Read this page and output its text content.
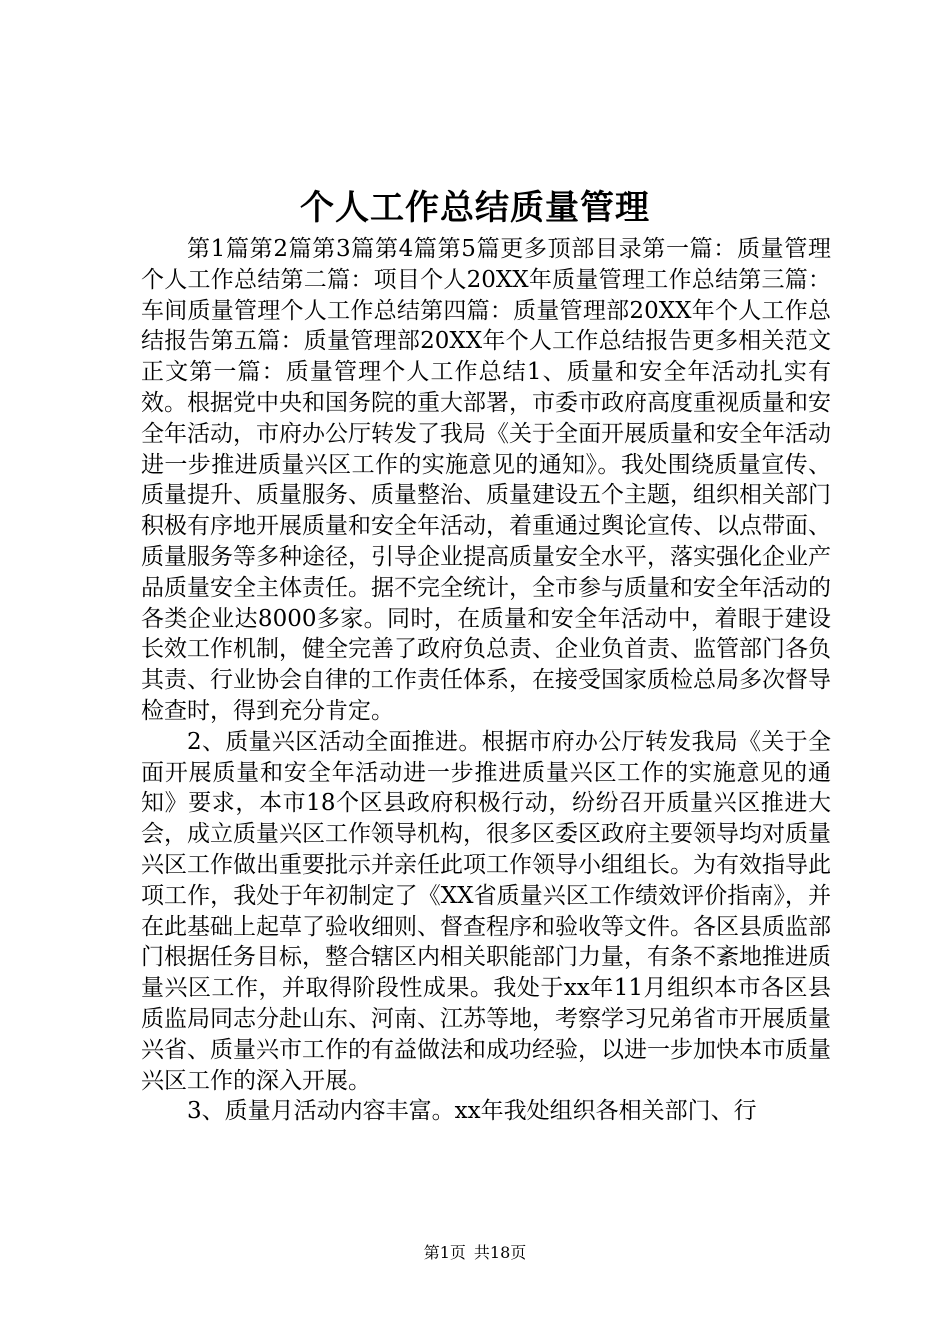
个人工作总结质量管理

第1篇第2篇第3篇第4篇第5篇更多顶部目录第一篇：质量管理个人工作总结第二篇：项目个人20XX年质量管理工作总结第三篇：车间质量管理个人工作总结第四篇：质量管理部20XX年个人工作总结报告第五篇：质量管理部20XX年个人工作总结报告更多相关范文正文第一篇：质量管理个人工作总结1、质量和安全年活动扎实有效。根据党中央和国务院的重大部署，市委市政府高度重视质量和安全年活动，市府办公厅转发了我局《关于全面开展质量和安全年活动进一步推进质量兴区工作的实施意见的通知》。我处围绕质量宣传、质量提升、质量服务、质量整治、质量建设五个主题，组织相关部门积极有序地开展质量和安全年活动，着重通过舆论宣传、以点带面、质量服务等多种途径，引导企业提高质量安全水平，落实强化企业产品质量安全主体责任。据不完全统计，全市参与质量和安全年活动的各类企业达8000多家。同时，在质量和安全年活动中，着眼于建设长效工作机制，健全完善了政府负总责、企业负首责、监管部门各负其责、行业协会自律的工作责任体系，在接受国家质检总局多次督导检查时，得到充分肯定。

2、质量兴区活动全面推进。根据市府办公厅转发我局《关于全面开展质量和安全年活动进一步推进质量兴区工作的实施意见的通知》要求，本市18个区县政府积极行动，纷纷召开质量兴区推进大会，成立质量兴区工作领导机构，很多区委区政府主要领导均对质量兴区工作做出重要批示并亲任此项工作领导小组组长。为有效指导此项工作，我处于年初制定了《XX省质量兴区工作绩效评价指南》，并在此基础上起草了验收细则、督查程序和验收等文件。各区县质监部门根据任务目标，整合辖区内相关职能部门力量，有条不紊地推进质量兴区工作，并取得阶段性成果。我处于xx年11月组织本市各区县质监局同志分赴山东、河南、江苏等地，考察学习兄弟省市开展质量兴省、质量兴市工作的有益做法和成功经验，以进一步加快本市质量兴区工作的深入开展。

3、质量月活动内容丰富。xx年我处组织各相关部门、行

第1页 共18页
